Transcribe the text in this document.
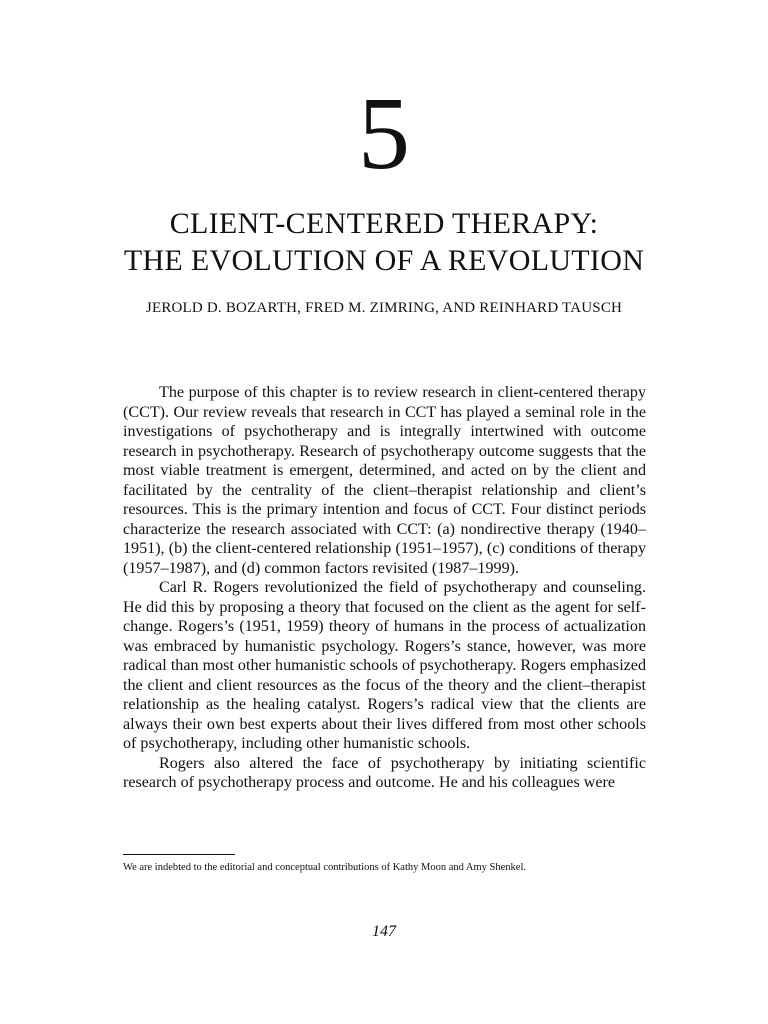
5
CLIENT-CENTERED THERAPY:
THE EVOLUTION OF A REVOLUTION
JEROLD D. BOZARTH, FRED M. ZIMRING, AND REINHARD TAUSCH

The purpose of this chapter is to review research in client-centered therapy (CCT). Our review reveals that research in CCT has played a seminal role in the investigations of psychotherapy and is integrally intertwined with outcome research in psychotherapy. Research of psychotherapy outcome suggests that the most viable treatment is emergent, determined, and acted on by the client and facilitated by the centrality of the client–therapist relationship and client’s resources. This is the primary intention and focus of CCT. Four distinct periods characterize the research associated with CCT: (a) nondirective therapy (1940–1951), (b) the client-centered relationship (1951–1957), (c) conditions of therapy (1957–1987), and (d) common factors revisited (1987–1999).

Carl R. Rogers revolutionized the field of psychotherapy and counseling. He did this by proposing a theory that focused on the client as the agent for self-change. Rogers’s (1951, 1959) theory of humans in the process of actualization was embraced by humanistic psychology. Rogers’s stance, however, was more radical than most other humanistic schools of psychotherapy. Rogers emphasized the client and client resources as the focus of the theory and the client–therapist relationship as the healing catalyst. Rogers’s radical view that the clients are always their own best experts about their lives differed from most other schools of psychotherapy, including other humanistic schools.

Rogers also altered the face of psychotherapy by initiating scientific research of psychotherapy process and outcome. He and his colleagues were

We are indebted to the editorial and conceptual contributions of Kathy Moon and Amy Shenkel.
147
